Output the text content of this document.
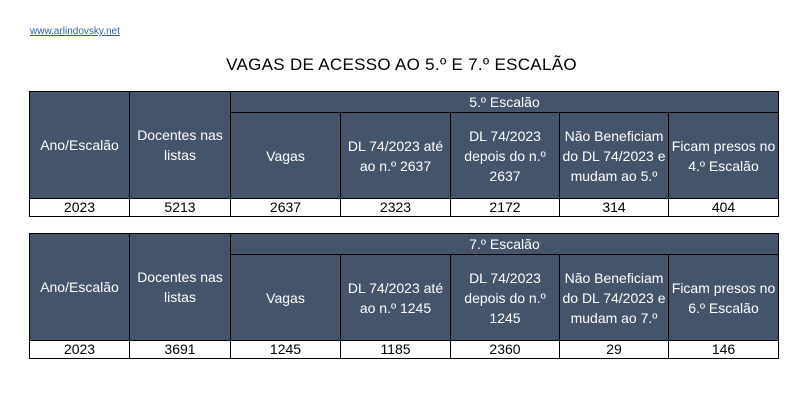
www.arlindovsky.net
VAGAS DE ACESSO AO 5.º E 7.º ESCALÃO
Ano/Escalão	Docentes nas listas	5.º Escalão				
		Vagas	DL 74/2023 até ao n.º 2637	DL 74/2023 depois do n.º 2637	Não Beneficiam do DL 74/2023 e mudam ao 5.º	Ficam presos no 4.º Escalão
2023	5213	2637	2323	2172	314	404
Ano/Escalão	Docentes nas listas	7.º Escalão				
		Vagas	DL 74/2023 até ao n.º 1245	DL 74/2023 depois do n.º 1245	Não Beneficiam do DL 74/2023 e mudam ao 7.º	Ficam presos no 6.º Escalão
2023	3691	1245	1185	2360	29	146
